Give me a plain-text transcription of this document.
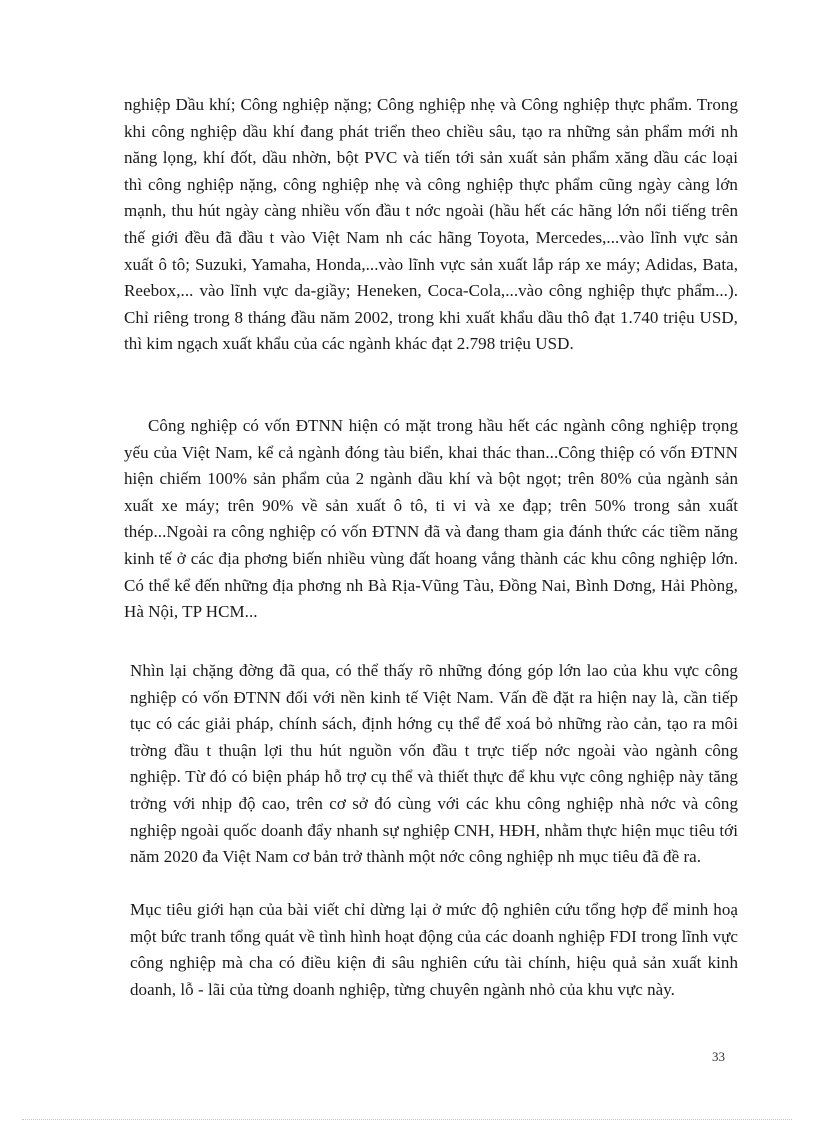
nghiệp Dầu khí; Công nghiệp nặng; Công nghiệp nhẹ và Công nghiệp thực phẩm. Trong khi công nghiệp dầu khí đang phát triển theo chiều sâu, tạo ra những sản phẩm mới nh năng lọng, khí đốt, dầu nhờn, bột PVC và tiến tới sản xuất sản phẩm xăng dầu các loại thì công nghiệp nặng, công nghiệp nhẹ và công nghiệp thực phẩm cũng ngày càng lớn mạnh, thu hút ngày càng nhiều vốn đầu t nớc ngoài (hầu hết các hãng lớn nổi tiếng trên thế giới đều đã đầu t vào Việt Nam nh các hãng Toyota, Mercedes,...vào lĩnh vực sản xuất ô tô; Suzuki, Yamaha, Honda,...vào lĩnh vực sản xuất lắp ráp xe máy; Adidas, Bata, Reebox,... vào lĩnh vực da-giầy; Heneken, Coca-Cola,...vào công nghiệp thực phẩm...). Chỉ riêng trong 8 tháng đầu năm 2002, trong khi xuất khẩu dầu thô đạt 1.740 triệu USD, thì kim ngạch xuất khẩu của các ngành khác đạt 2.798 triệu USD.

Công nghiệp có vốn ĐTNN hiện có mặt trong hầu hết các ngành công nghiệp trọng yếu của Việt Nam, kể cả ngành đóng tàu biển, khai thác than...Công thiệp có vốn ĐTNN hiện chiếm 100% sản phẩm của 2 ngành dầu khí và bột ngọt; trên 80% của ngành sản xuất xe máy; trên 90% về sản xuất ô tô, ti vi và xe đạp; trên 50% trong sản xuất thép...Ngoài ra công nghiệp có vốn ĐTNN đã và đang tham gia đánh thức các tiềm năng kinh tế ở các địa phơng biến nhiều vùng đất hoang vắng thành các khu công nghiệp lớn. Có thể kể đến những địa phơng nh Bà Rịa-Vũng Tàu, Đồng Nai, Bình Dơng, Hải Phòng, Hà Nội, TP HCM...

Nhìn lại chặng đờng đã qua, có thể thấy rõ những đóng góp lớn lao của khu vực công nghiệp có vốn ĐTNN đối với nền kinh tế Việt Nam. Vấn đề đặt ra hiện nay là, cần tiếp tục có các giải pháp, chính sách, định hớng cụ thể để xoá bỏ những rào cản, tạo ra môi trờng đầu t thuận lợi thu hút nguồn vốn đầu t trực tiếp nớc ngoài vào ngành công nghiệp. Từ đó có biện pháp hỗ trợ cụ thể và thiết thực để khu vực công nghiệp này tăng trởng với nhịp độ cao, trên cơ sở đó cùng với các khu công nghiệp nhà nớc và công nghiệp ngoài quốc doanh đẩy nhanh sự nghiệp CNH, HĐH, nhằm thực hiện mục tiêu tới năm 2020 đa Việt Nam cơ bản trở thành một nớc công nghiệp nh mục tiêu đã đề ra.

Mục tiêu giới hạn của bài viết chỉ dừng lại ở mức độ nghiên cứu tổng hợp để minh hoạ một bức tranh tổng quát về tình hình hoạt động của các doanh nghiệp FDI trong lĩnh vực công nghiệp mà cha có điều kiện đi sâu nghiên cứu tài chính, hiệu quả sản xuất kinh doanh, lỗ - lãi của từng doanh nghiệp, từng chuyên ngành nhỏ của khu vực này.

33
